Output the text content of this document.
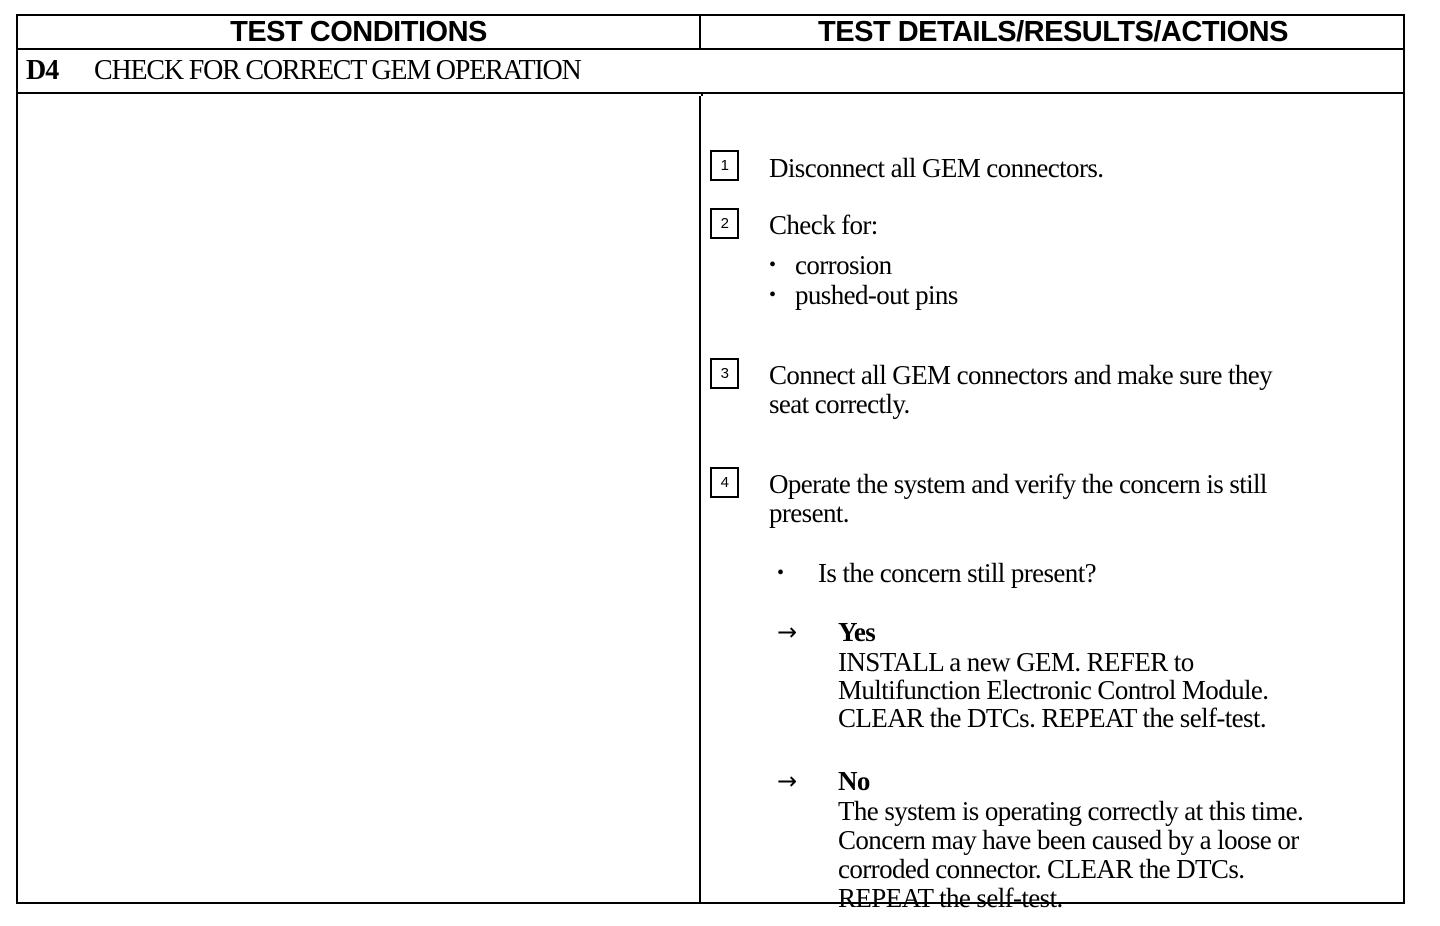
TEST CONDITIONS	TEST DETAILS/RESULTS/ACTIONS
D4 CHECK FOR CORRECT GEM OPERATION
1	Disconnect all GEM connectors.
2	Check for:
• corrosion
• pushed-out pins
3	Connect all GEM connectors and make sure they
seat correctly.
4	Operate the system and verify the concern is still
present.
• Is the concern still present?
→ Yes
INSTALL a new GEM. REFER to
Multifunction Electronic Control Module.
CLEAR the DTCs. REPEAT the self-test.
→ No
The system is operating correctly at this time.
Concern may have been caused by a loose or
corroded connector. CLEAR the DTCs.
REPEAT the self-test.
